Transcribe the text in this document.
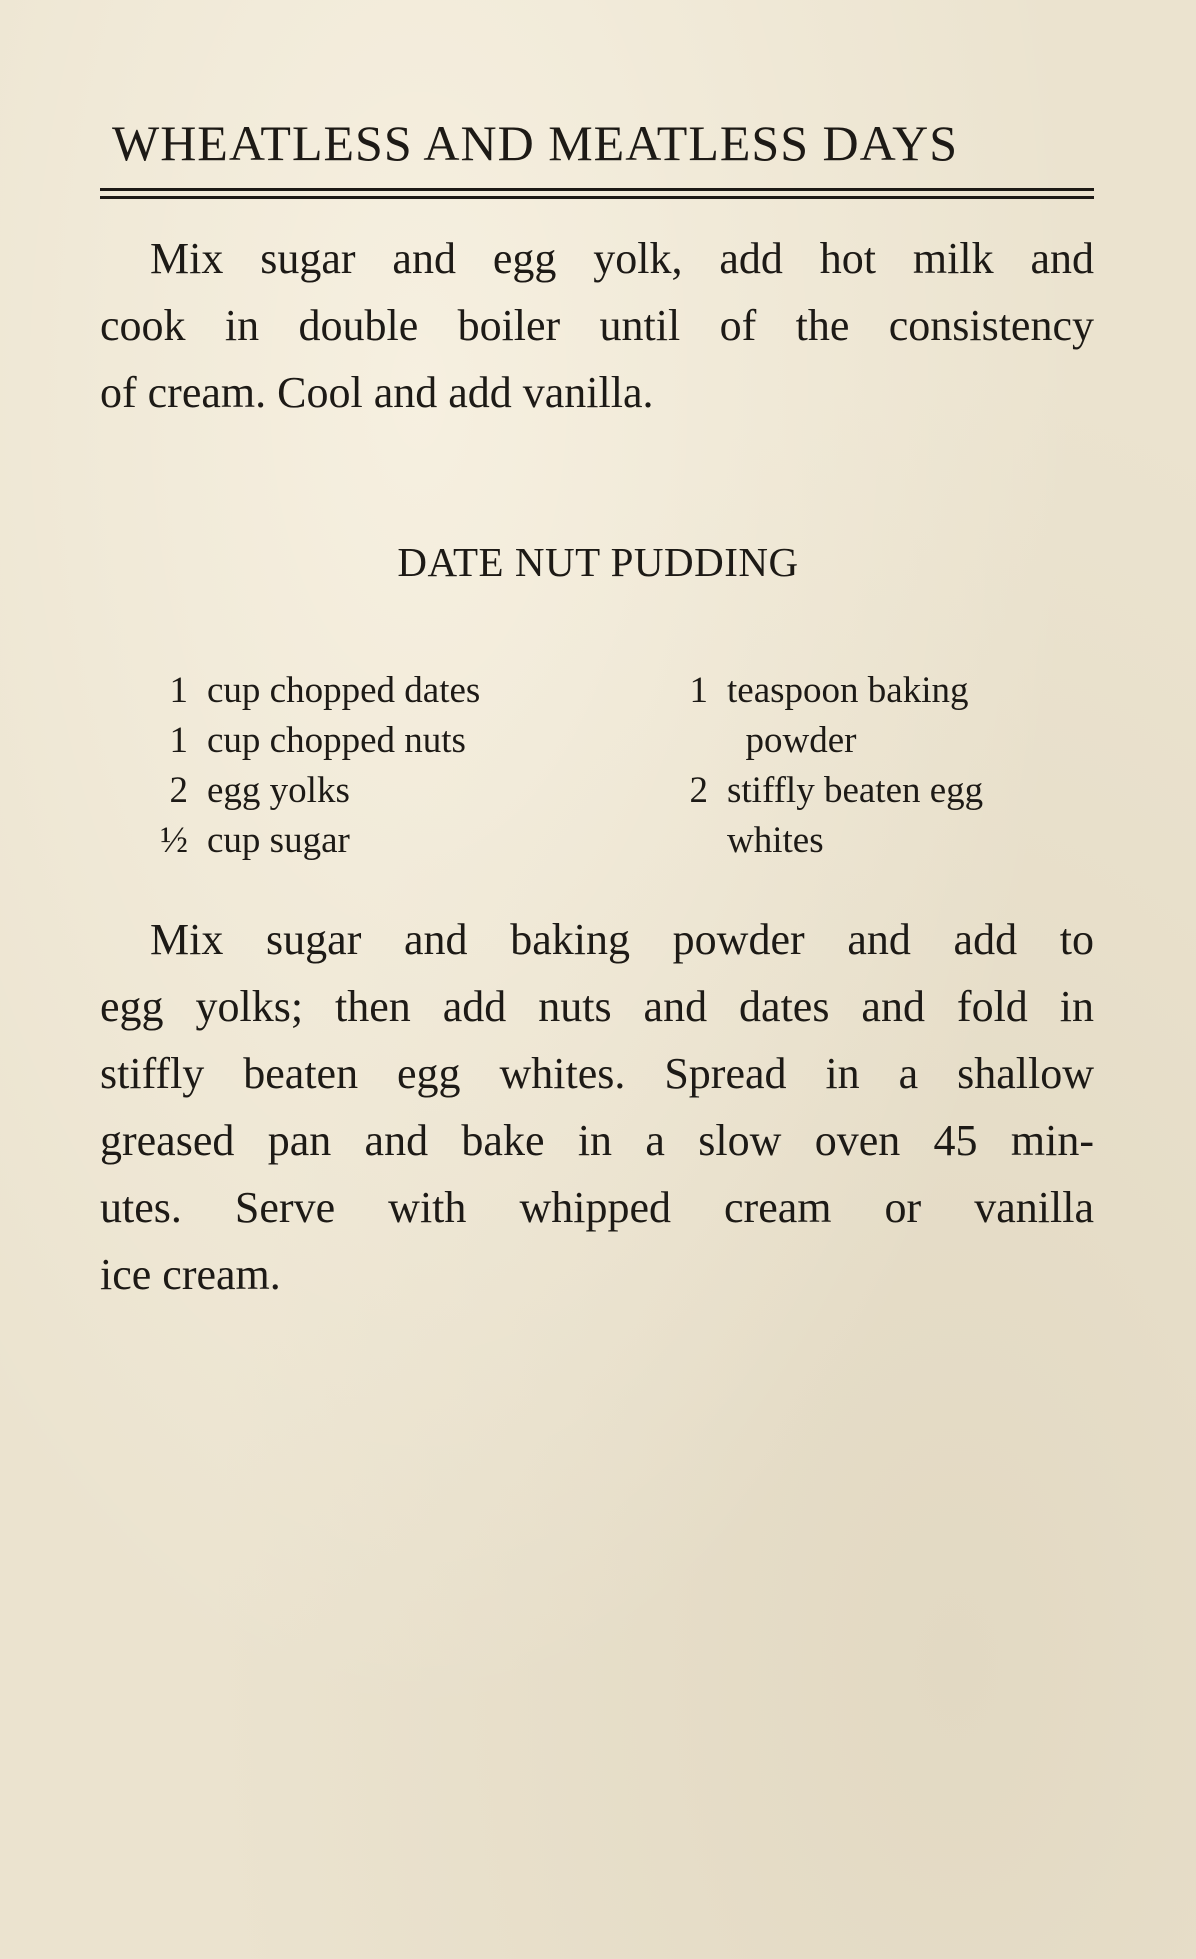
WHEATLESS AND MEATLESS DAYS

Mix sugar and egg yolk, add hot milk and
cook in double boiler until of the consistency
of cream. Cool and add vanilla.

DATE NUT PUDDING
1 cup chopped dates
1 cup chopped nuts
2 egg yolks
½ cup sugar
1 teaspoon baking
powder
2 stiffly beaten egg
whites

Mix sugar and baking powder and add to
egg yolks; then add nuts and dates and fold in
stiffly beaten egg whites. Spread in a shallow
greased pan and bake in a slow oven 45 min-
utes. Serve with whipped cream or vanilla
ice cream.
